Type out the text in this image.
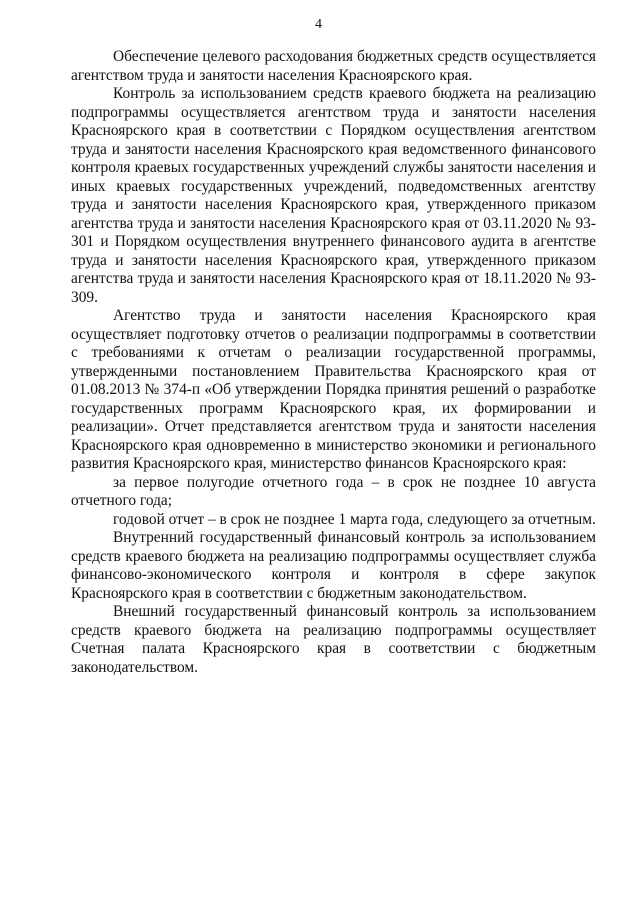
4

Обеспечение целевого расходования бюджетных средств осуществляется агентством труда и занятости населения Красноярского края.

Контроль за использованием средств краевого бюджета на реализацию подпрограммы осуществляется агентством труда и занятости населения Красноярского края в соответствии с Порядком осуществления агентством труда и занятости населения Красноярского края ведомственного финансового контроля краевых государственных учреждений службы занятости населения и иных краевых государственных учреждений, подведомственных агентству труда и занятости населения Красноярского края, утвержденного приказом агентства труда и занятости населения Красноярского края от 03.11.2020 № 93-301 и Порядком осуществления внутреннего финансового аудита в агентстве труда и занятости населения Красноярского края, утвержденного приказом агентства труда и занятости населения Красноярского края от 18.11.2020 № 93-309.

Агентство труда и занятости населения Красноярского края осуществляет подготовку отчетов о реализации подпрограммы в соответствии с требованиями к отчетам о реализации государственной программы, утвержденными постановлением Правительства Красноярского края от 01.08.2013 № 374-п «Об утверждении Порядка принятия решений о разработке государственных программ Красноярского края, их формировании и реализации». Отчет представляется агентством труда и занятости населения Красноярского края одновременно в министерство экономики и регионального развития Красноярского края, министерство финансов Красноярского края:

за первое полугодие отчетного года – в срок не позднее 10 августа отчетного года;

годовой отчет – в срок не позднее 1 марта года, следующего за отчетным.

Внутренний государственный финансовый контроль за использованием средств краевого бюджета на реализацию подпрограммы осуществляет служба финансово-экономического контроля и контроля в сфере закупок Красноярского края в соответствии с бюджетным законодательством.

Внешний государственный финансовый контроль за использованием средств краевого бюджета на реализацию подпрограммы осуществляет Счетная палата Красноярского края в соответствии с бюджетным законодательством.
